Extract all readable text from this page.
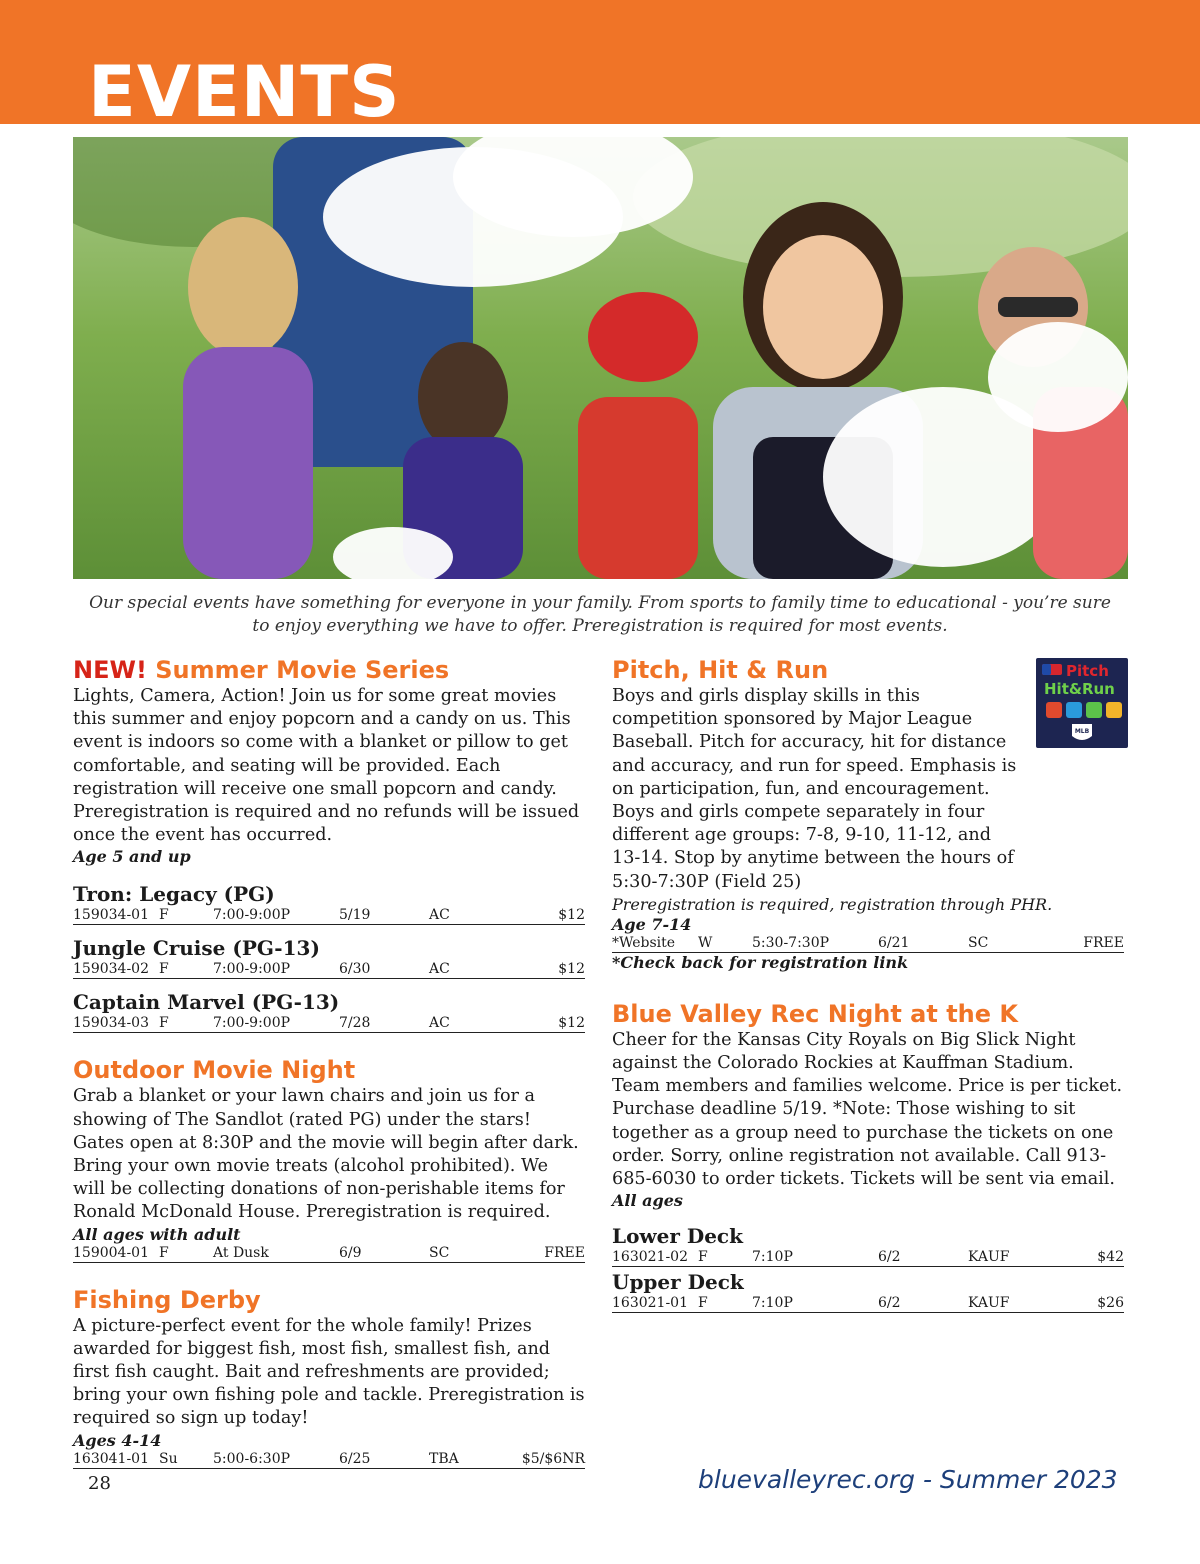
EVENTS
Our special events have something for everyone in your family. From sports to family time to educational - you’re sure to enjoy everything we have to offer. Preregistration is required for most events.
NEW! Summer Movie Series
Lights, Camera, Action! Join us for some great movies this summer and enjoy popcorn and a candy on us. This event is indoors so come with a blanket or pillow to get comfortable, and seating will be provided. Each registration will receive one small popcorn and candy. Preregistration is required and no refunds will be issued once the event has occurred.
Age 5 and up
Tron: Legacy (PG)
159034-01 F	7:00-9:00P	5/19	AC	$12
Jungle Cruise (PG-13)
159034-02 F	7:00-9:00P	6/30	AC	$12
Captain Marvel (PG-13)
159034-03 F	7:00-9:00P	7/28	AC	$12
Outdoor Movie Night
Grab a blanket or your lawn chairs and join us for a showing of The Sandlot (rated PG) under the stars! Gates open at 8:30P and the movie will begin after dark. Bring your own movie treats (alcohol prohibited). We will be collecting donations of non-perishable items for Ronald McDonald House. Preregistration is required.
All ages with adult
159004-01 F	At Dusk	6/9	SC	FREE
Fishing Derby
A picture-perfect event for the whole family! Prizes awarded for biggest fish, most fish, smallest fish, and first fish caught. Bait and refreshments are provided; bring your own fishing pole and tackle. Preregistration is required so sign up today!
Ages 4-14
163041-01 Su	5:00-6:30P	6/25	TBA	$5/$6NR
Pitch
Hit&Run
MLB
Pitch, Hit & Run
Boys and girls display skills in this competition sponsored by Major League Baseball. Pitch for accuracy, hit for distance and accuracy, and run for speed. Emphasis is on participation, fun, and encouragement. Boys and girls compete separately in four different age groups: 7-8, 9-10, 11-12, and 13-14. Stop by anytime between the hours of 5:30-7:30P (Field 25)
Preregistration is required, registration through PHR.
Age 7-14
*Website W	5:30-7:30P	6/21	SC	FREE
*Check back for registration link
Blue Valley Rec Night at the K
Cheer for the Kansas City Royals on Big Slick Night against the Colorado Rockies at Kauffman Stadium. Team members and families welcome. Price is per ticket. Purchase deadline 5/19. *Note: Those wishing to sit together as a group need to purchase the tickets on one order. Sorry, online registration not available. Call 913-685-6030 to order tickets. Tickets will be sent via email.
All ages
Lower Deck
163021-02 F	7:10P	6/2	KAUF	$42
Upper Deck
163021-01 F	7:10P	6/2	KAUF	$26
28	bluevalleyrec.org - Summer 2023
